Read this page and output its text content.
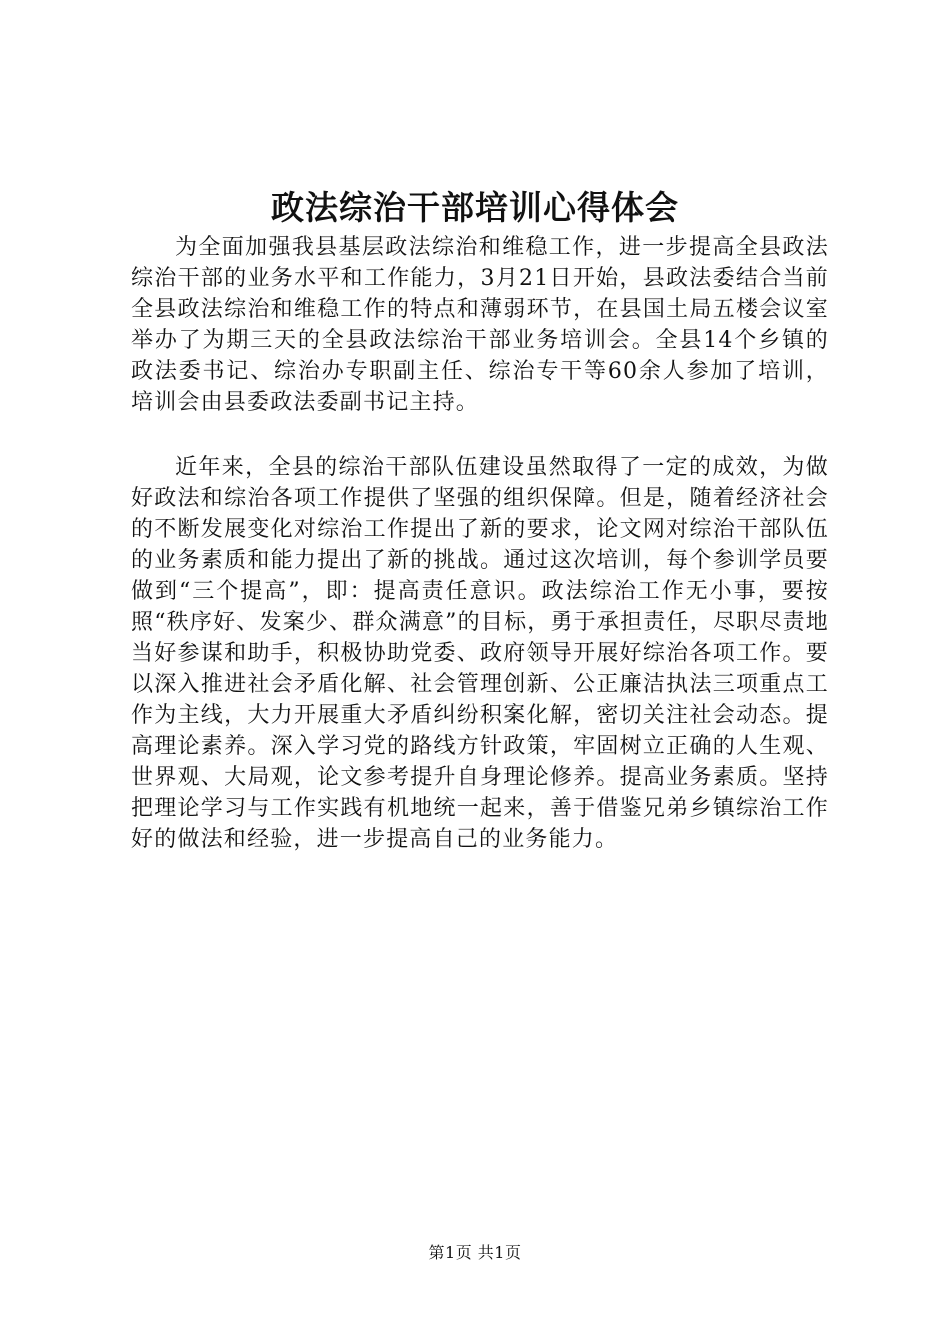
政法综治干部培训心得体会

为全面加强我县基层政法综治和维稳工作，进一步提高全县政法综治干部的业务水平和工作能力，3月21日开始，县政法委结合当前全县政法综治和维稳工作的特点和薄弱环节，在县国土局五楼会议室举办了为期三天的全县政法综治干部业务培训会。全县14个乡镇的政法委书记、综治办专职副主任、综治专干等60余人参加了培训，培训会由县委政法委副书记主持。

近年来，全县的综治干部队伍建设虽然取得了一定的成效，为做好政法和综治各项工作提供了坚强的组织保障。但是，随着经济社会的不断发展变化对综治工作提出了新的要求，论文网对综治干部队伍的业务素质和能力提出了新的挑战。通过这次培训，每个参训学员要做到“三个提高”，即：提高责任意识。政法综治工作无小事，要按照“秩序好、发案少、群众满意”的目标，勇于承担责任，尽职尽责地当好参谋和助手，积极协助党委、政府领导开展好综治各项工作。要以深入推进社会矛盾化解、社会管理创新、公正廉洁执法三项重点工作为主线，大力开展重大矛盾纠纷积案化解，密切关注社会动态。提高理论素养。深入学习党的路线方针政策，牢固树立正确的人生观、世界观、大局观，论文参考提升自身理论修养。提高业务素质。坚持把理论学习与工作实践有机地统一起来，善于借鉴兄弟乡镇综治工作好的做法和经验，进一步提高自己的业务能力。

第1页 共1页
